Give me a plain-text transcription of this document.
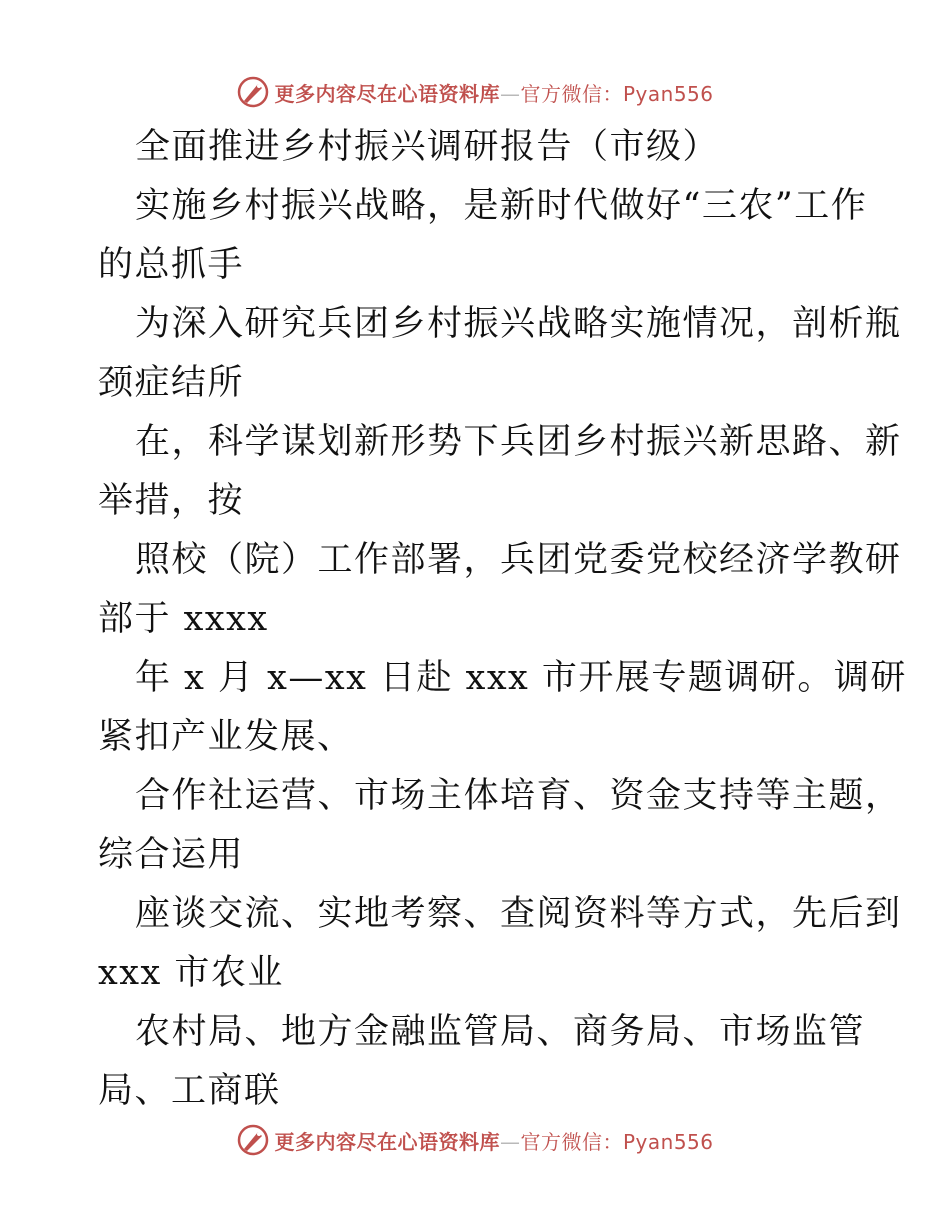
更多内容尽在心语资料库—官方微信：Pyan556
全面推进乡村振兴调研报告（市级）
实施乡村振兴战略，是新时代做好“三农”工作
的总抓手
为深入研究兵团乡村振兴战略实施情况，剖析瓶
颈症结所
在，科学谋划新形势下兵团乡村振兴新思路、新
举措，按
照校（院）工作部署，兵团党委党校经济学教研
部于 xxxx
年 x 月 x—xx 日赴 xxx 市开展专题调研。调研
紧扣产业发展、
合作社运营、市场主体培育、资金支持等主题，
综合运用
座谈交流、实地考察、查阅资料等方式，先后到
xxx 市农业
农村局、地方金融监管局、商务局、市场监管
局、工商联
更多内容尽在心语资料库—官方微信：Pyan556
